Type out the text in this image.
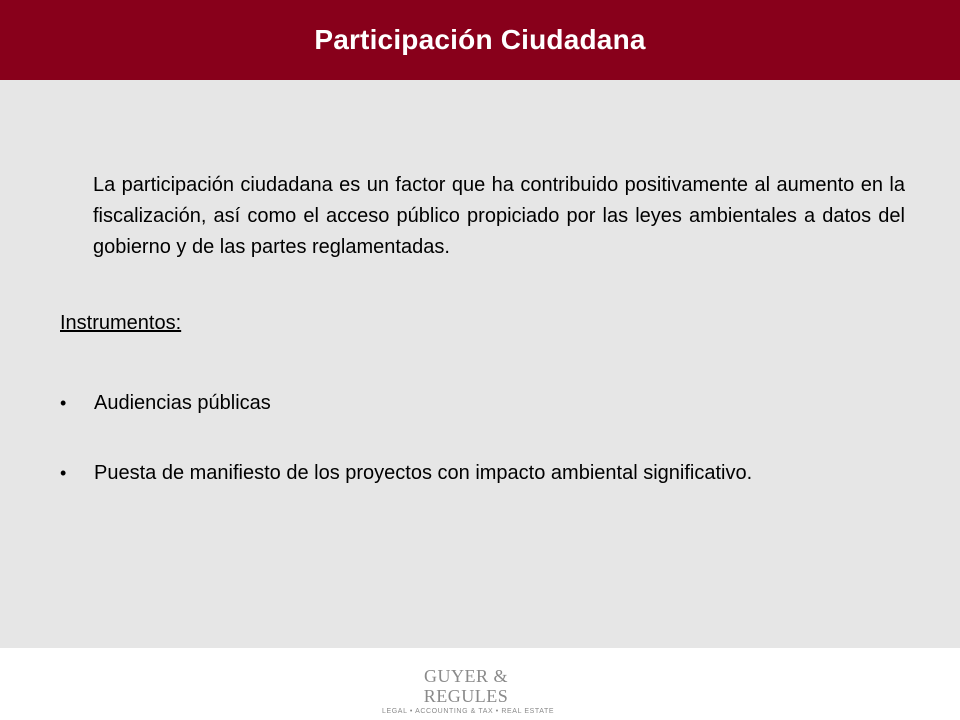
Participación Ciudadana

La participación ciudadana es un factor que ha contribuido positivamente al aumento en la fiscalización, así como el acceso público propiciado por las leyes ambientales a datos del gobierno y de las partes reglamentadas.

Instrumentos:

• Audiencias públicas
• Puesta de manifiesto de los proyectos con impacto ambiental significativo.
GUYER & REGULES
LEGAL • ACCOUNTING & TAX • REAL ESTATE
